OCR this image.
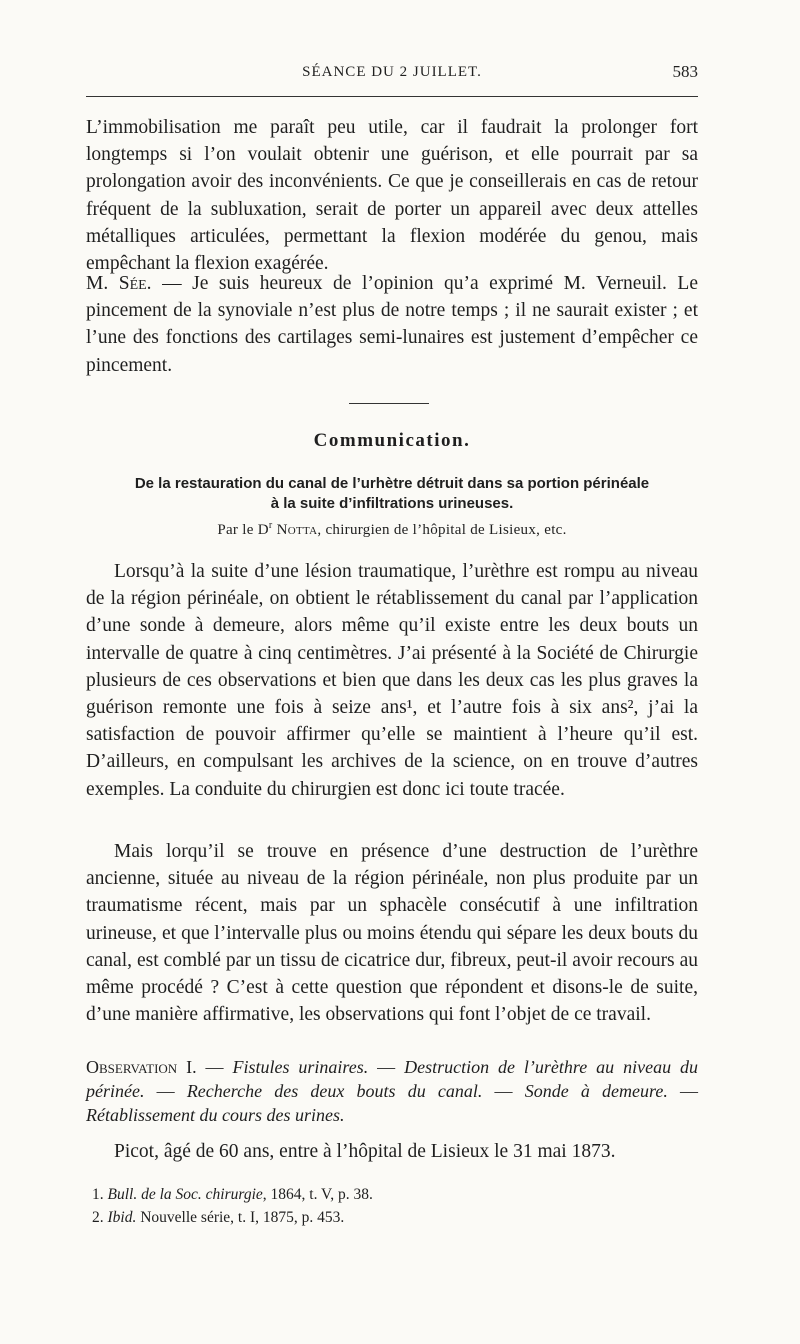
SÉANCE DU 2 JUILLET.	583

L’immobilisation me paraît peu utile, car il faudrait la prolonger fort longtemps si l’on voulait obtenir une guérison, et elle pourrait par sa prolongation avoir des inconvénients. Ce que je conseillerais en cas de retour fréquent de la subluxation, serait de porter un appareil avec deux attelles métalliques articulées, permettant la flexion modérée du genou, mais empêchant la flexion exagérée.

M. Sée. — Je suis heureux de l’opinion qu’a exprimé M. Verneuil. Le pincement de la synoviale n’est plus de notre temps ; il ne saurait exister ; et l’une des fonctions des cartilages semi-lunaires est justement d’empêcher ce pincement.

Communication.
De la restauration du canal de l’urhètre détruit dans sa portion périnéale
à la suite d’infiltrations urineuses.
Par le $D^r$ Notta, chirurgien de l’hôpital de Lisieux, etc.

Lorsqu’à la suite d’une lésion traumatique, l’urèthre est rompu au niveau de la région périnéale, on obtient le rétablissement du canal par l’application d’une sonde à demeure, alors même qu’il existe entre les deux bouts un intervalle de quatre à cinq centimètres. J’ai présenté à la Société de Chirurgie plusieurs de ces observations et bien que dans les deux cas les plus graves la guérison remonte une fois à seize ans¹, et l’autre fois à six ans², j’ai la satisfaction de pouvoir affirmer qu’elle se maintient à l’heure qu’il est. D’ailleurs, en compulsant les archives de la science, on en trouve d’autres exemples. La conduite du chirurgien est donc ici toute tracée.

Mais lorqu’il se trouve en présence d’une destruction de l’urèthre ancienne, située au niveau de la région périnéale, non plus produite par un traumatisme récent, mais par un sphacèle consécutif à une infiltration urineuse, et que l’intervalle plus ou moins étendu qui sépare les deux bouts du canal, est comblé par un tissu de cicatrice dur, fibreux, peut-il avoir recours au même procédé ? C’est à cette question que répondent et disons-le de suite, d’une manière affirmative, les observations qui font l’objet de ce travail.

Observation I. — Fistules urinaires. — Destruction de l’urèthre au niveau du périnée. — Recherche des deux bouts du canal. — Sonde à demeure. — Rétablissement du cours des urines.
Picot, âgé de 60 ans, entre à l’hôpital de Lisieux le 31 mai 1873.
1. Bull. de la Soc. chirurgie, 1864, t. V, p. 38.
2. Ibid. Nouvelle série, t. I, 1875, p. 453.
